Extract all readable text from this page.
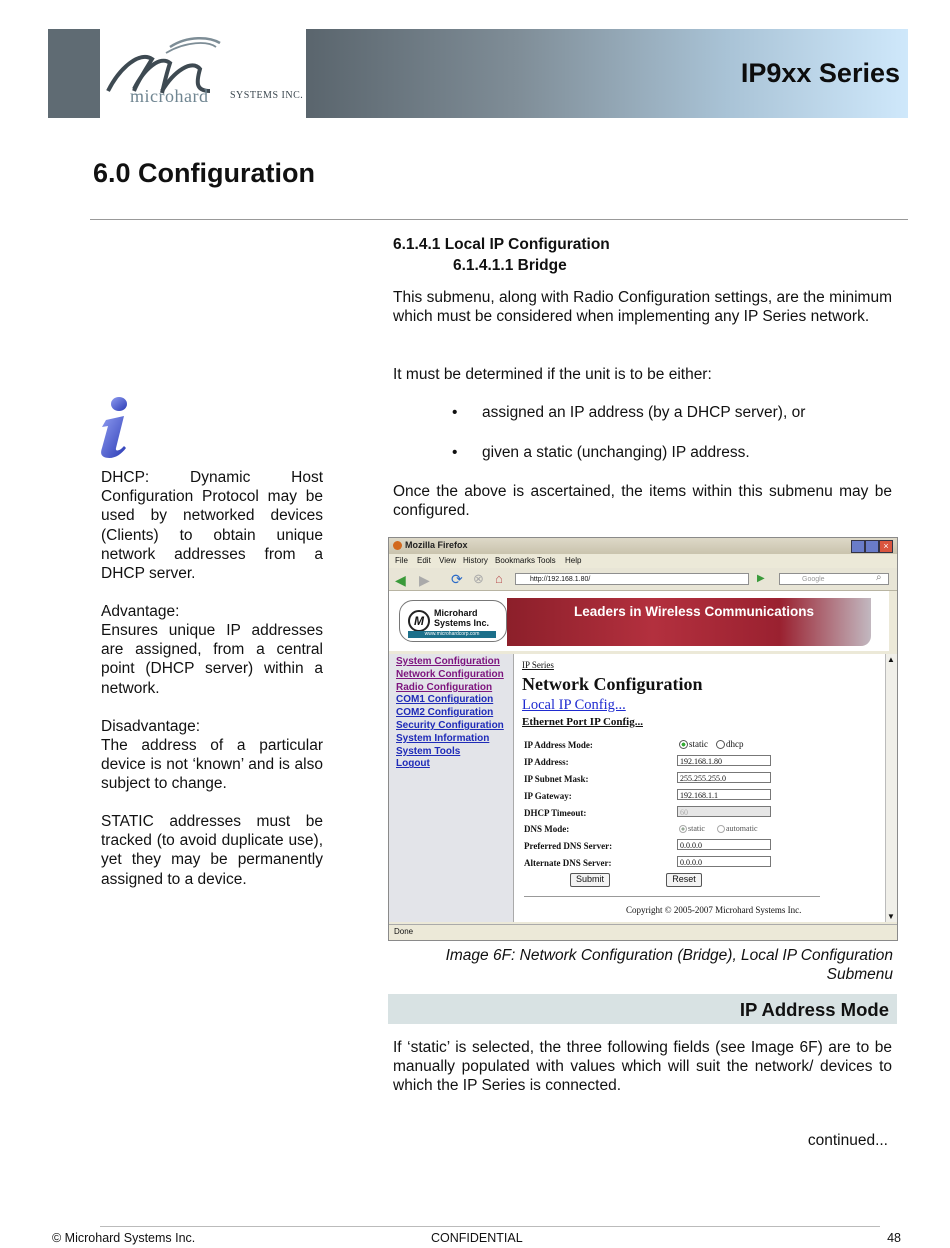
microhard SYSTEMS INC.
IP9xx Series
6.0 Configuration
DHCP: Dynamic Host Configuration Protocol may be used by networked devices (Clients) to obtain unique network addresses from a DHCP server.
Advantage:
Ensures unique IP addresses are assigned, from a central point (DHCP server) within a network.
Disadvantage:
The address of a particular device is not ‘known’ and is also subject to change.
STATIC addresses must be tracked (to avoid duplicate use), yet they may be permanently assigned to a device.
6.1.4.1 Local IP Configuration
6.1.4.1.1 Bridge
This submenu, along with Radio Configuration settings, are the minimum which must be considered when implementing any IP Series network.
It must be determined if the unit is to be either:
• assigned an IP address (by a DHCP server), or
• given a static (unchanging) IP address.
Once the above is ascertained, the items within this submenu may be configured.
Mozilla Firefox	×
File Edit View History Bookmarks Tools Help
◀ ▶ ⟳ ⊗ ⌂	http://192.168.1.80/	▶	Google	⌕
Leaders in Wireless Communications
M
Microhard
Systems Inc.
www.microhardcorp.com
System Configuration
Network Configuration
Radio Configuration
COM1 Configuration
COM2 Configuration
Security Configuration
System Information
System Tools
Logout
IP Series
Network Configuration
Local IP Config...
Ethernet Port IP Config...
IP Address Mode:	static dhcp
IP Address:	192.168.1.80
IP Subnet Mask:	255.255.255.0
IP Gateway:	192.168.1.1
DHCP Timeout:	60
DNS Mode:	static	automatic
Preferred DNS Server:	0.0.0.0
Alternate DNS Server:	0.0.0.0
Submit	Reset
Copyright © 2005-2007 Microhard Systems Inc.
▲
▼
Done
Image 6F: Network Configuration (Bridge), Local IP Configuration Submenu
IP Address Mode
If ‘static’ is selected, the three following fields (see Image 6F) are to be manually populated with values which will suit the network/ devices to which the IP Series is connected.
continued...
© Microhard Systems Inc.	CONFIDENTIAL	48
